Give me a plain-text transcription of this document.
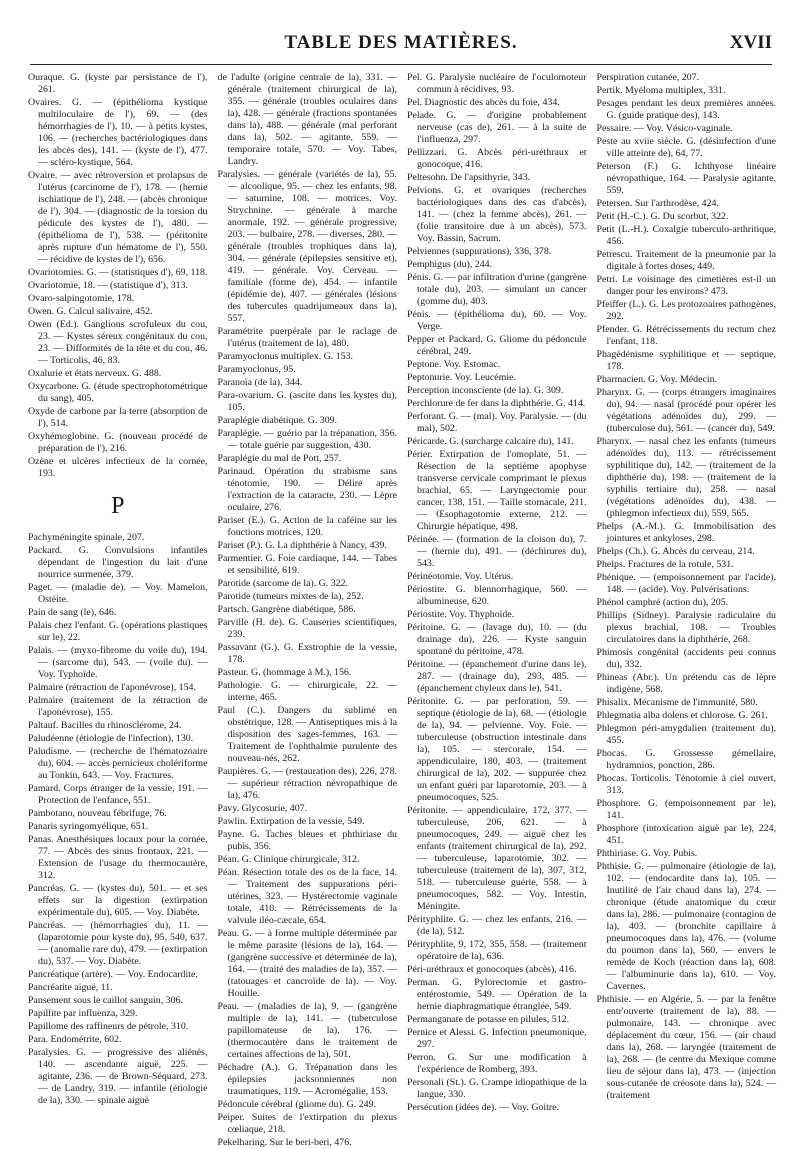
TABLE DES MATIÈRES.	XVII

Ouraque. G. (kyste par persistance de l'), 261.

Ovaires. G. — (épithélioma kystique multiloculaire de l'), 69. — (des hémorrhagies de l'), 10. — à petits kystes, 106. — (recherches bactériologiques dans les abcès des), 141. — (kyste de l'), 477. — scléro-kystique, 564.

Ovaire. — avec rétroversion et prolapsus de l'utérus (carcinome de l'), 178. — (hernie ischiatique de l'), 248. — (abcès chronique de l'), 304. — (diagnostic de la torsion du pédicule des kystes de l'), 480. — (épithélioma de l'), 538. — (péritonite après rupture d'un hématome de l'), 550. — récidive de kystes de l'), 656.

Ovariotomies. G. — (statistiques d'), 69, 118.

Ovariotomie, 18. — (statistique d'), 313.

Ovaro-salpingotomie, 178.

Owen. G. Calcul salivaire, 452.

Owen (Ed.). Ganglions scrofuleux du cou, 23. — Kystes séreux congénitaux du cou, 23. — Difformités de la tête et du cou, 46. — Torticolis, 46, 83.

Oxalurie et états nerveux. G. 488.

Oxycarbone. G. (étude spectrophotométrique du sang), 405.

Oxyde de carbone par la terre (absorption de l'), 514.

Oxyhémoglobine. G. (nouveau procédé de préparation de l'), 216.

Ozène et ulcères infectieux de la cornée, 193.

P

Pachyméningite spinale, 207.

Packard. G. Convulsions infantiles dépendant de l'ingestion du lait d'une nourrice surmenée, 379.

Paget. — (maladie de). — Voy. Mamelon, Ostéite.

Pain de sang (le), 646.

Palais chez l'enfant. G. (opérations plastiques sur le), 22.

Palais. — (myxo-fibrome du voile du), 194. — (sarcome du), 543. — (voile du). — Voy. Typhoïde.

Palmaire (rétraction de l'aponévrose), 154.

Palmaire (traitement de la rétraction de l'aponévrose), 155.

Paltauf. Bacilles du rhinosclérome, 24.

Paludéenne (étiologie de l'infection), 130.

Paludisme. — (recherche de l'hématozoaire du), 604. — accès pernicieux cholériforme au Tonkin, 643. — Voy. Fractures.

Pamard. Corps étranger de la vessie, 191. — Protection de l'enfance, 551.

Pambotano, nouveau fébrifuge, 76.

Panaris syringomyélique, 651.

Panas. Anesthésiques locaux pour la cornée, 77. — Abcès des sinus frontaux, 221. — Extension de l'usage du thermocautère, 312.

Pancréas. G. — (kystes du), 501. — et ses effets sur la digestion (extirpation expérimentale du), 605. — Voy. Diabète.

Pancréas. — (hémorrhagies du), 11. — (laparotomie pour kyste du), 95, 540, 637. — (anomalie rare du), 479. — (extirpation du), 537. — Voy. Diabète.

Pancréatique (artère). — Voy. Endocardite.

Pancréatite aiguë, 11.

Pansement sous le caillot sanguin, 306.

Papillite par influenza, 329.

Papillome des raffineurs de pétrole, 310.

Para. Endométrite, 602.

Paralysies. G. — progressive des aliénés, 140. — ascendante aiguë, 225. — agitante, 236. — de Brown-Séquard, 273. — de Landry, 319. — infantile (étiologie de la), 330. — spinale aiguë

de l'adulte (origine centrale de la), 331. — générale (traitement chirurgical de la), 355. — générale (troubles oculaires dans la), 428. — générale (fractions spontanées dans la), 488. — générale (mal perforant dans la), 502. — agitante, 559. — temporaire totale, 570. — Voy. Tabes, Landry.

Paralysies. — générale (variétés de la), 55. — alcoolique, 95. — chez les enfants, 98. — saturnine, 108. — motrices. Voy. Strychnine. — générale à marche anormale, 192. — générale progressive, 203. — bulbaire, 278. — diverses, 280. — générale (troubles trophiques dans la), 304. — générale (épilepsies sensitive et), 419. — générale. Voy. Cerveau. — familiale (forme de), 454. — infantile (épidémie de), 407. — générales (lésions des tubercules quadrijumeaux dans la), 557.

Paramétrite puerpérale par le raclage de l'utérus (traitement de la), 480.

Paramyoclonus multiplex. G. 153.

Paramyoclonus, 95.

Paranoïa (de la), 344.

Para-ovarium. G. (ascite dans les kystes du), 105.

Paraplégie diabétique. G. 309.

Paraplégie. — guério par la trépanation, 356. — totale guérie par suggestion, 430.

Paraplégie du mal de Pott, 257.

Parinaud. Opération du strabisme sans ténotomie, 190. — Délire après l'extraction de la cataracte, 230. — Lèpre oculaire, 276.

Pariset (E.). G. Action de la caféine sur les fonctions motrices, 120.

Pariset (P.). G. La diphthérie à Nancy, 439.

Parmentier. G. Foie cardiaque, 144. — Tabes et sensibilité, 619.

Parotide (sarcome de la). G. 322.

Parotide (tumeurs mixtes de la), 252.

Partsch. Gangrène diabétique, 586.

Parville (H. de). G. Causeries scientifiques, 239.

Passavant (G.). G. Exstrophie de la vessie, 178.

Pasteur. G. (hommage à M.), 156.

Pathologie. G. — chirurgicale, 22. — interne, 465.

Paul (C.). Dangers du sublimé en obstétrique, 128. — Antiseptiques mis à la disposition des sages-femmes, 163. — Traitement de l'ophthalmie purulente des nouveau-nés, 262.

Paupières. G. — (restauration des), 226, 278. — supérieur rétraction névropathique de la), 476.

Pavy. Glycosurie, 407.

Pawlin. Extirpation de la vessie, 549.

Payne. G. Taches bleues et phthiriase du pubis, 356.

Péan. G. Clinique chirurgicale, 312.

Péan. Résection totale des os de la face, 14. — Traitement des suppurations péri-utérines, 323. — Hystérectomie vaginale totale, 410. — Rétrécissements de la valvule iléo-cæcale, 654.

Peau. G. — à forme multiple déterminée par le même parasite (lésions de la), 164. — (gangrène successive et déterminée de la), 164. — (traité des maladies de la), 357. — (tatouages et cancroïde de la). — Voy. Houille.

Peau. — (maladies de la), 9. — (gangrène multiple de la), 141. — (tuberculose papillomateuse de la), 176. — (thermocautère dans le traitement de certaines affections de la), 501.

Péchadre (A.). G. Trépanation dans les épilepsies jacksonniennes non traumatiques, 119. — Acromégalie, 153.

Pédoncule cérébral (gliome du). G. 249.

Peiper. Suites de l'extirpation du plexus cœliaque, 218.

Pekelharing. Sur le beri-beri, 476.

Pel. G. Paralysie nucléaire de l'oculomoteur commun à récidives, 93.

Pel. Diagnostic des abcès du foie, 434.

Pelade. G. — d'origine probablement nerveuse (cas de), 261. — à la suite de l'influenza, 297.

Pellizzari. G. Abcès péri-uréthraux et gonocoque, 416.

Peltesohn. De l'apsithyrie, 343.

Pelvions. G. et ovariques (recherches bactériologiques dans des cas d'abcès), 141. — (chez la femme abcès), 261. — (folie transitoire due à un abcès), 573. Voy. Bassin, Sacrum.

Pelviennes (suppurations), 336, 378.

Pemphigus (du), 244.

Pénis. G. — par infiltration d'urine (gangrène totale du), 203. — simulant un cancer (gomme du), 403.

Pénis. — (épithélioma du), 60. — Voy. Verge.

Pepper et Packard. G. Gliome du pédoncule cérébral, 249.

Peptone. Voy. Estomac.

Peptonurie. Voy. Leucémie.

Perception inconsciente (de la). G. 309.

Perchlorure de fer dans la diphthérie. G. 414.

Perforant. G. — (mal). Voy. Paralysie. — (du mal), 502.

Péricarde. G. (surcharge calcaire du), 141.

Périer. Extirpation de l'omoplate, 51. — Résection de la septième apophyse transverse cervicale comprimant le plexus brachial, 65. — Laryngectomie pour cancer, 138, 151. — Taille stomacale, 211. — Œsophagotomie externe, 212. — Chirurgie hépatique, 498.

Périnée. — (formation de la cloison du), 7. — (hernie du), 491. — (déchirures du), 543.

Périnéotomie. Voy. Utérus.

Périostite. G. blennorrhagique, 560. — albumineuse, 620.

Périostite. Voy. Thyphoïde.

Péritoine. G. — (lavage du), 10. — (du drainage du), 226. — Kyste sanguin spontané du péritoine, 478.

Péritoine. — (épanchement d'urine dans le), 287. — (drainage du), 293, 485. — (épanchement chyleux dans le), 541.

Péritonite. G. — par perforation, 59. — septique (étiologie de la), 68. — (étiologie de la), 94. — pelvienne. Voy. Foie. — tuberculeuse (obstruction intestinale dans la), 105. — stercorale, 154. — appendiculaire, 180, 403. — (traitement chirurgical de la), 202. — suppurée chez un enfant guéri par laparotomie, 203. — à pneumocoques, 525.

Péritonite. — appendiculaire, 172, 377. — tuberculeuse, 206, 621. — à pneumocoques, 249. — aiguë chez les enfants (traitement chirurgical de la), 292. — tuberculeuse, laparotomie, 302. — tuberculeuse (traitement de la), 307, 312, 518. — tuberculeuse guérie, 558. — à pneumocoques, 582. — Voy. Intestin, Méningite.

Pérityphlite. G. — chez les enfants, 216. — (de la), 512.

Pérityphlite, 9, 172, 355, 558. — (traitement opératoire de la), 636.

Péri-uréthraux et gonocoques (abcès), 416.

Perman. G. Pylorectomie et gastro-entérostomie, 549. — Opération de la hernie diaphragmatique étranglée, 549.

Permanganate de potasse en pilules, 512.

Pernice et Alessi. G. Infection pneumonique, 297.

Perron. G. Sur une modification à l'expérience de Romberg, 393.

Personali (St.). G. Crampe idiopathique de la langue, 330.

Persécution (idées de). — Voy. Goitre.

Perspiration cutanée, 207.

Pertik. Myéloma multiplex, 331.

Pesages pendant les deux premières années. G. (guide pratique des), 143.

Pessaire. — Voy. Vésico-vaginale.

Peste au xviie siècle. G. (désinfection d'une ville atteinte de), 64, 77.

Peterson (F.) G. Ichthyose linéaire névropathique, 164. — Paralysie agitante, 559.

Petersen. Sur l'arthrodèse, 424.

Petit (H.-C.). G. Du scorbut, 322.

Petit (L.-H.). Coxalgie tuberculo-arthritique, 456.

Petrescu. Traitement de la pneumonie par la digitale à fortes doses, 449.

Petri. Le voisinage des cimetières est-il un danger pour les environs? 473.

Pfeiffer (L.). G. Les protozoaires pathogènes, 292.

Pfender. G. Rétrécissements du rectum chez l'enfant, 118.

Phagédénisme syphilitique et — septique, 178.

Pharmacien. G. Voy. Médecin.

Pharynx. G. — (corps étrangers imaginaires du), 94. — nasal (procédé pour opérer les végétations adénoïdes du), 299. — (tuberculose du), 561. — (cancer du), 549.

Pharynx. — nasal chez les enfants (tumeurs adénoïdes du), 113. — rétrécissement syphilitique du), 142. — (traitement de la diphthérie du), 198. — (traitement de la syphilis tertiaire du), 258. — nasal (végétations adénoïdes du), 438. — (phlegmon infectieux du), 559, 565.

Phelps (A.-M.). G. Immobilisation des jointures et ankyloses, 298.

Phelps (Ch.). G. Abcès du cerveau, 214.

Phelps. Fractures de la rotule, 531.

Phénique. — (empoisonnement par l'acide), 148. — (acide). Voy. Pulvérisations.

Phénol camphré (action du), 205.

Phillips (Sidney). Paralysie radiculaire du plexus brachial, 108. — Troubles circulatoires dans la diphthérie, 268.

Phimosis congénital (accidents peu connus du), 332.

Phineas (Abr.). Un prétendu cas de lèpre indigène, 568.

Phisalix. Mécanisme de l'immunité, 580.

Phlegmatia alba dolens et chlorose. G. 261.

Phlegmon péri-amygdalien (traitement du), 455.

Phocas. G. Grossesse gémellaire, hydramnios, ponction, 286.

Phocas. Torticolis. Ténotomie à ciel ouvert, 313.

Phosphore. G. (empoisonnement par le), 141.

Phosphore (intoxication aiguë par le), 224, 451.

Phthiriase. G. Voy. Pubis.

Phthisie. G. — pulmonaire (étiologie de la), 102. — (endocardite dans la), 105. — Inutilité de l'air chaud dans la), 274. — chronique (étude anatomique du cœur dans la), 286. — pulmonaire (contagion de la), 403. — (bronchite capillaire à pneumocoques dans la), 476. — (volume du poumon dans la), 560. — envers le remède de Koch (réaction dans la), 608. — l'albuminurie dans la), 610. — Voy. Cavernes.

Phthisie. — en Algérie, 5. — par la fenêtre entr'ouverte (traitement de la), 88. — pulmonaire, 143. — chronique avec déplacement du cœur, 156. — (air chaud dans la), 268. — laryngée (traitement de la), 268. — (le centre du Mexique comme lieu de séjour dans la), 473. — (injection sous-cutanée de créosote dans la), 524. — (traitement
